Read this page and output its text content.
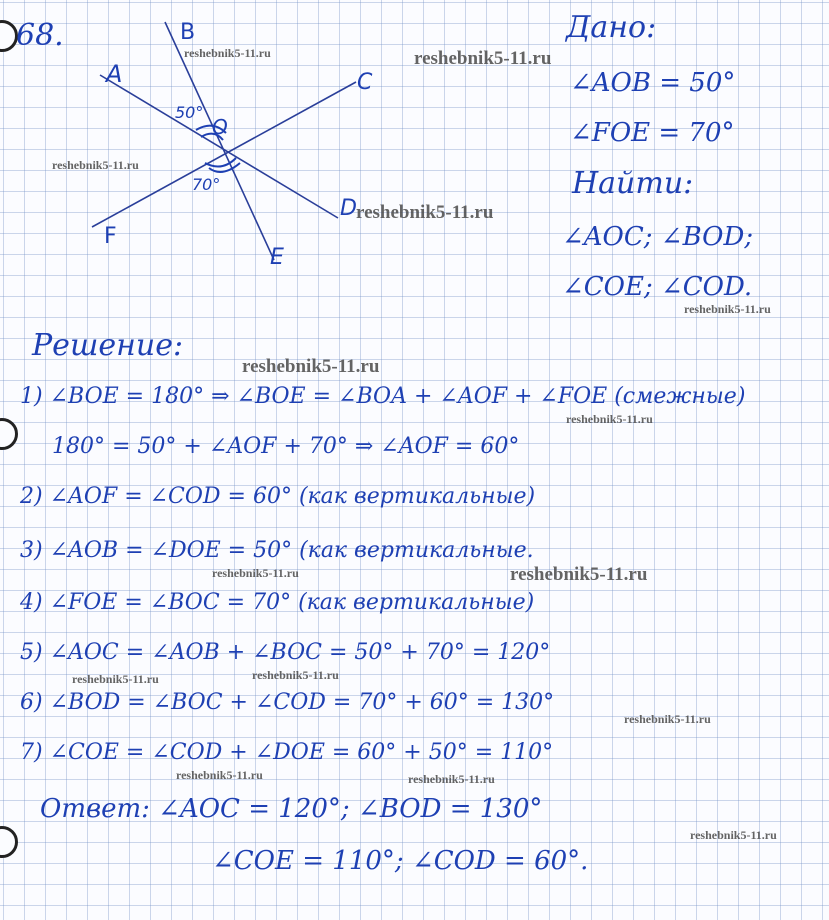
68.	B
A	C
O
D
F
E
50°
70°
Дано:
∠AOB = 50°
∠FOE = 70°
Найти:
∠AOC; ∠BOD;
∠COE; ∠COD.
Решение:
1) ∠BOE = 180° ⇒ ∠BOE = ∠BOA + ∠AOF + ∠FOE (смежные)
180° = 50° + ∠AOF + 70° ⇒ ∠AOF = 60°
2) ∠AOF = ∠COD = 60° (как вертикальные)
3) ∠AOB = ∠DOE = 50° (как вертикальные.
4) ∠FOE = ∠BOC = 70° (как вертикальные)
5) ∠AOC = ∠AOB + ∠BOC = 50° + 70° = 120°
6) ∠BOD = ∠BOC + ∠COD = 70° + 60° = 130°
7) ∠COE = ∠COD + ∠DOE = 60° + 50° = 110°
Ответ: ∠AOC = 120°; ∠BOD = 130°
∠COE = 110°; ∠COD = 60°.
reshebnik5-11.ru	reshebnik5-11.ru
reshebnik5-11.ru
reshebnik5-11.ru
reshebnik5-11.ru
reshebnik5-11.ru
reshebnik5-11.ru
reshebnik5-11.ru	reshebnik5-11.ru
reshebnik5-11.ru
reshebnik5-11.ru
reshebnik5-11.ru
reshebnik5-11.ru	reshebnik5-11.ru
reshebnik5-11.ru
